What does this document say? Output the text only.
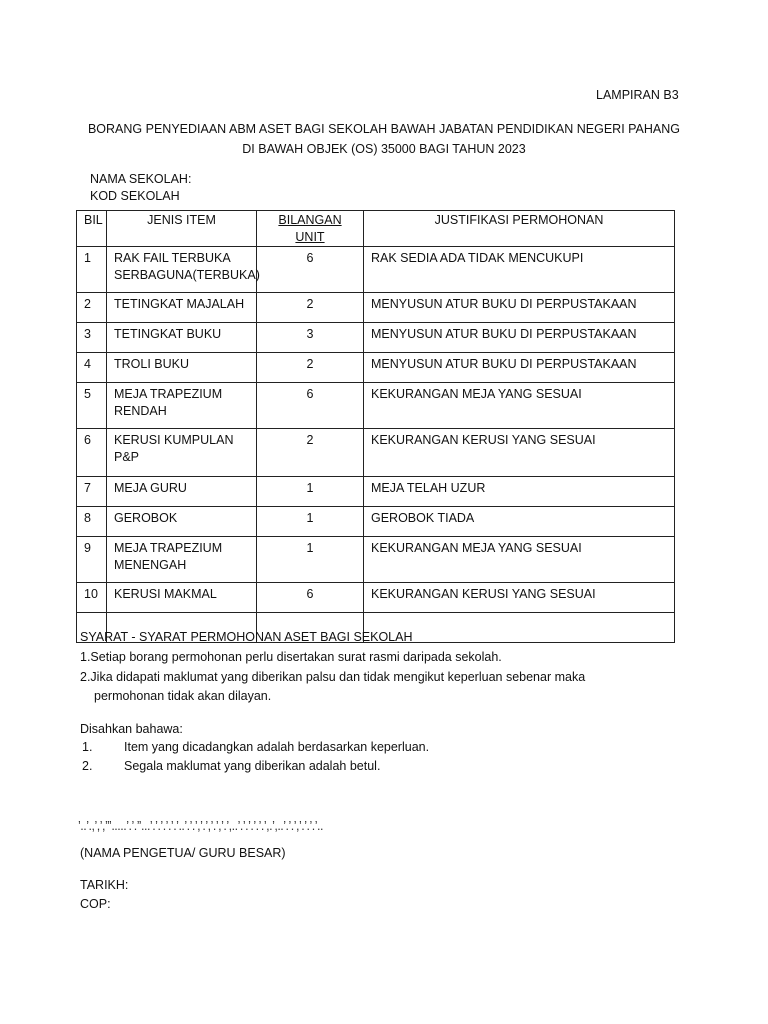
LAMPIRAN B3
BORANG PENYEDIAAN ABM ASET BAGI SEKOLAH BAWAH JABATAN PENDIDIKAN NEGERI PAHANG
DI BAWAH OBJEK (OS) 35000 BAGI TAHUN 2023
NAMA SEKOLAH:
KOD SEKOLAH
BIL	JENIS ITEM	BILANGAN UNIT	JUSTIFIKASI PERMOHONAN
1	RAK FAIL TERBUKA SERBAGUNA(TERBUKA)	6	RAK SEDIA ADA TIDAK MENCUKUPI
2	TETINGKAT MAJALAH	2	MENYUSUN ATUR BUKU DI PERPUSTAKAAN
3	TETINGKAT BUKU	3	MENYUSUN ATUR BUKU DI PERPUSTAKAAN
4	TROLI BUKU	2	MENYUSUN ATUR BUKU DI PERPUSTAKAAN
5	MEJA TRAPEZIUM RENDAH	6	KEKURANGAN MEJA YANG SESUAI
6	KERUSI KUMPULAN P&P	2	KEKURANGAN KERUSI YANG SESUAI
7	MEJA GURU	1	MEJA TELAH UZUR
8	GEROBOK	1	GEROBOK TIADA
9	MEJA TRAPEZIUM MENENGAH	1	KEKURANGAN MEJA YANG SESUAI
10	KERUSI MAKMAL	6	KEKURANGAN KERUSI YANG SESUAI

SYARAT - SYARAT PERMOHONAN ASET BAGI SEKOLAH
1.Setiap borang permohonan perlu disertakan surat rasmi daripada sekolah.
2.Jika didapati maklumat yang diberikan palsu dan tidak mengikut keperluan sebenar maka
permohonan tidak akan dilayan.
Disahkan bahawa:
1.	Item yang dicadangkan adalah berdasarkan keperluan.
2.	Segala maklumat yang diberikan adalah betul.
’..’.,’,’,’’’.....’.’.’’...’.’.’.’.’.’..’.’.’,’.’,’.’,’.’,..’.’.’.’.’.’,.’,..’.’.’,’.’.’.’..
(NAMA PENGETUA/ GURU BESAR)
TARIKH:
COP:
